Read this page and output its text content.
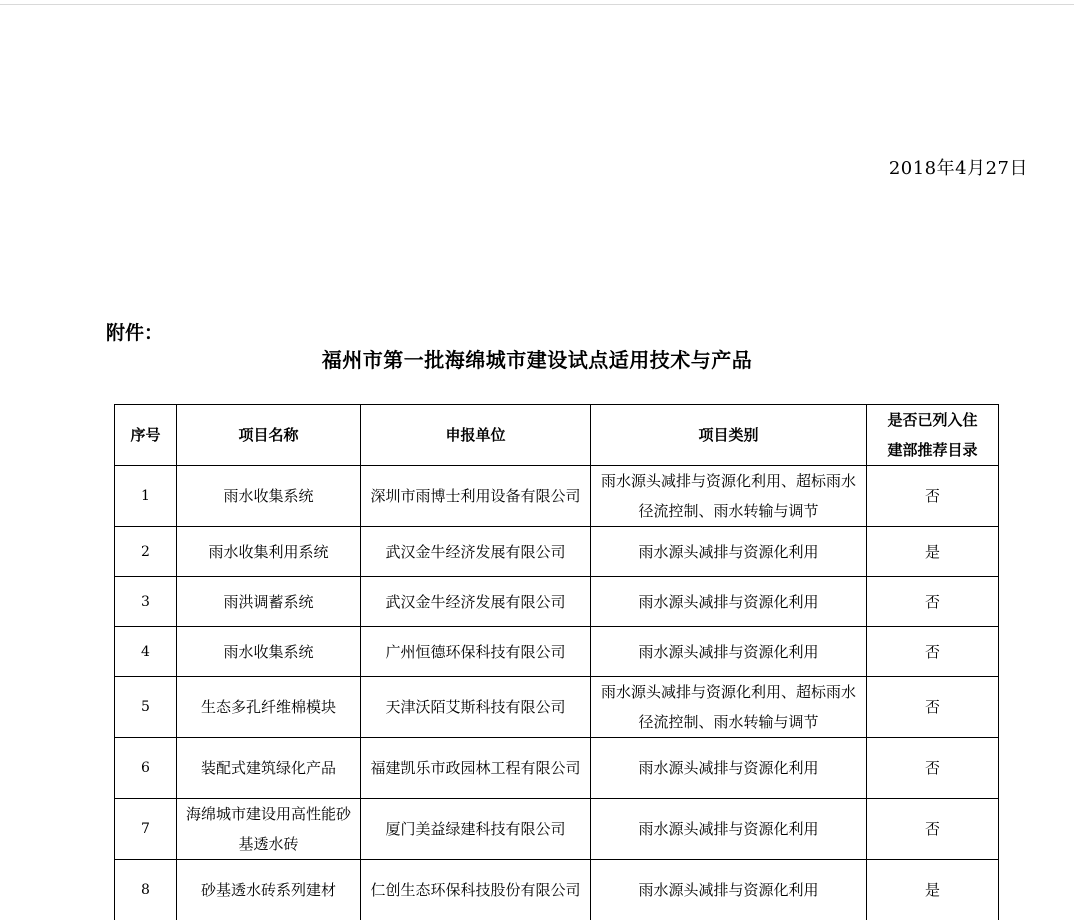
2018年4月27日
附件：
福州市第一批海绵城市建设试点适用技术与产品
序号	项目名称	申报单位	项目类别	是否已列入住
建部推荐目录
1	雨水收集系统	深圳市雨博士利用设备有限公司	雨水源头减排与资源化利用、超标雨水径流控制、雨水转输与调节	否
2	雨水收集利用系统	武汉金牛经济发展有限公司	雨水源头减排与资源化利用	是
3	雨洪调蓄系统	武汉金牛经济发展有限公司	雨水源头减排与资源化利用	否
4	雨水收集系统	广州恒德环保科技有限公司	雨水源头减排与资源化利用	否
5	生态多孔纤维棉模块	天津沃陌艾斯科技有限公司	雨水源头减排与资源化利用、超标雨水径流控制、雨水转输与调节	否
6	装配式建筑绿化产品	福建凯乐市政园林工程有限公司	雨水源头减排与资源化利用	否
7	海绵城市建设用高性能砂基透水砖	厦门美益绿建科技有限公司	雨水源头减排与资源化利用	否
8	砂基透水砖系列建材	仁创生态环保科技股份有限公司	雨水源头减排与资源化利用	是
